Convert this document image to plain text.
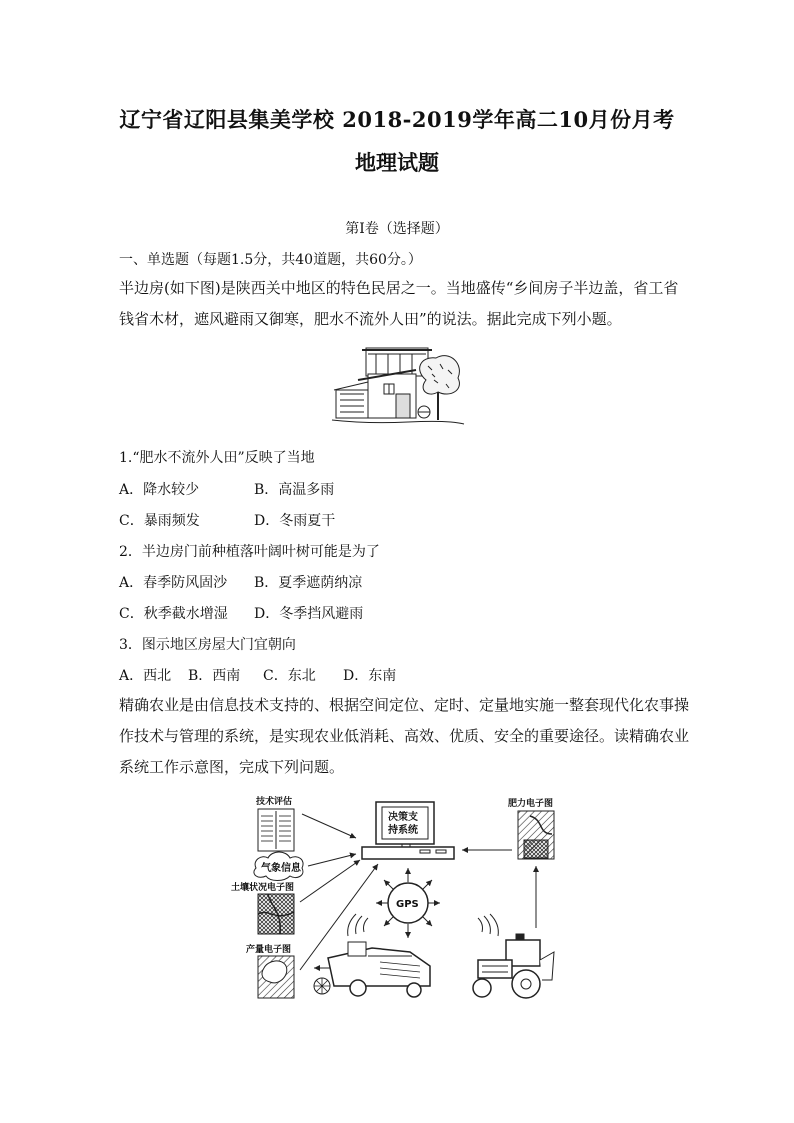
辽宁省辽阳县集美学校 2018-2019学年高二10月份月考
地理试题
第Ⅰ卷（选择题）
一、单选题（每题1.5分，共40道题，共60分。）
半边房(如下图)是陕西关中地区的特色民居之一。当地盛传“乡间房子半边盖，省工省钱省木材，遮风避雨又御寒，肥水不流外人田”的说法。据此完成下列小题。
1.“肥水不流外人田”反映了当地
A．降水较少	B．高温多雨
C．暴雨频发	D．冬雨夏干
2．半边房门前种植落叶阔叶树可能是为了
A．春季防风固沙 B．夏季遮荫纳凉
C．秋季截水增湿 D．冬季挡风避雨
3．图示地区房屋大门宜朝向
A．西北 B．西南 C．东北 D．东南
精确农业是由信息技术支持的、根据空间定位、定时、定量地实施一整套现代化农事操作技术与管理的系统，是实现农业低消耗、高效、优质、安全的重要途径。读精确农业系统工作示意图，完成下列问题。
技术评估
气象信息
土壤状况电子图
产量电子图
肥力电子图
决策支
持系统
GPS
